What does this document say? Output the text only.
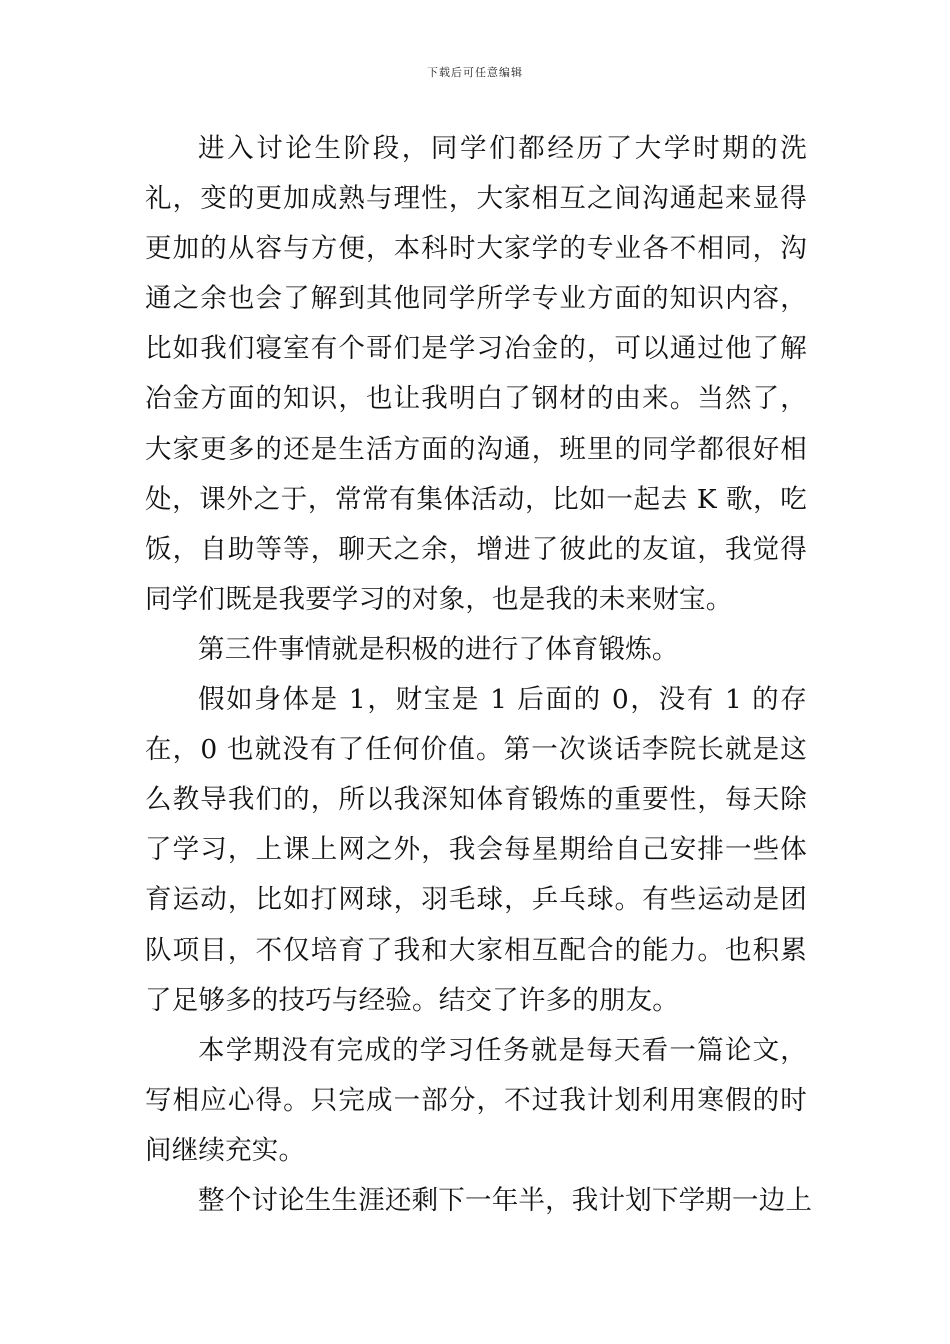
下载后可任意编辑

进入讨论生阶段，同学们都经历了大学时期的洗礼，变的更加成熟与理性，大家相互之间沟通起来显得更加的从容与方便，本科时大家学的专业各不相同，沟通之余也会了解到其他同学所学专业方面的知识内容，比如我们寝室有个哥们是学习冶金的，可以通过他了解冶金方面的知识，也让我明白了钢材的由来。当然了，大家更多的还是生活方面的沟通，班里的同学都很好相处，课外之于，常常有集体活动，比如一起去 K 歌，吃饭，自助等等，聊天之余，增进了彼此的友谊，我觉得同学们既是我要学习的对象，也是我的未来财宝。

第三件事情就是积极的进行了体育锻炼。

假如身体是 1，财宝是 1 后面的 0，没有 1 的存在，0 也就没有了任何价值。第一次谈话李院长就是这么教导我们的，所以我深知体育锻炼的重要性，每天除了学习，上课上网之外，我会每星期给自己安排一些体育运动，比如打网球，羽毛球，乒乓球。有些运动是团队项目，不仅培育了我和大家相互配合的能力。也积累了足够多的技巧与经验。结交了许多的朋友。

本学期没有完成的学习任务就是每天看一篇论文，写相应心得。只完成一部分，不过我计划利用寒假的时间继续充实。

整个讨论生生涯还剩下一年半，我计划下学期一边上
